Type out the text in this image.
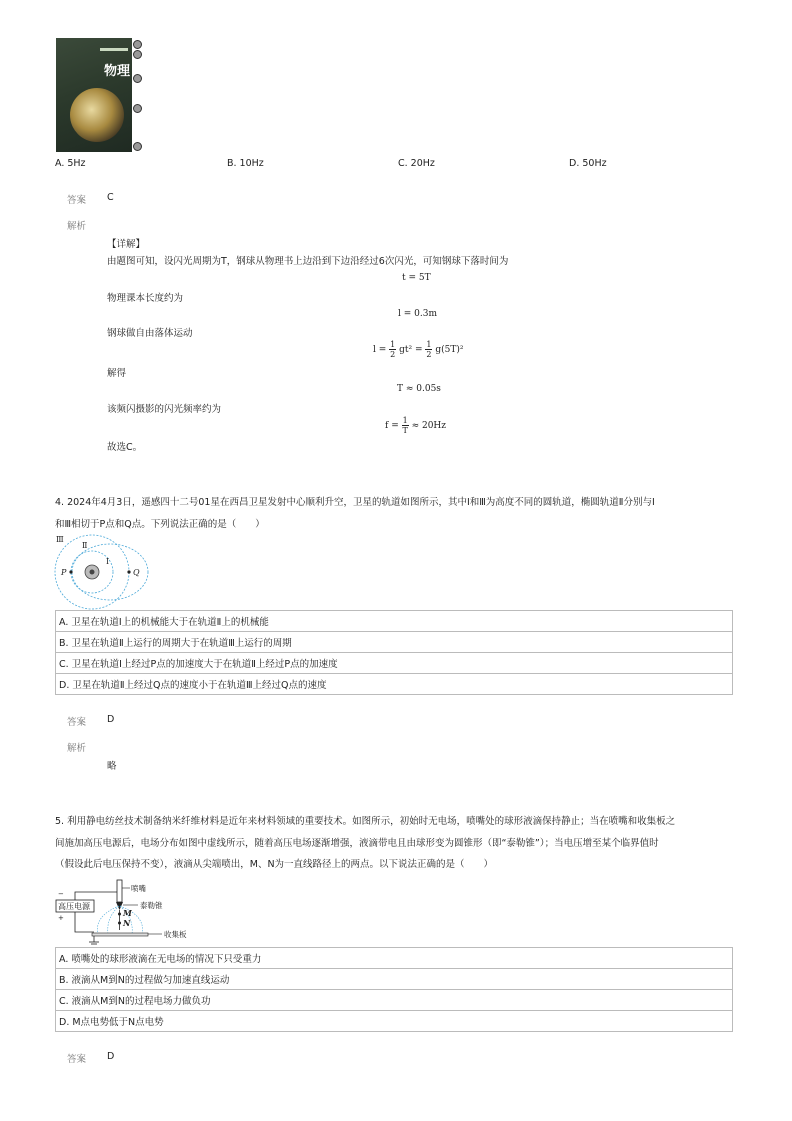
物理
A. 5Hz	B. 10Hz	C. 20Hz	D. 50Hz
答案 C
解析
【详解】
由题图可知，设闪光周期为T，钢球从物理书上边沿到下边沿经过6次闪光，可知钢球下落时间为
t = 5T
物理课本长度约为
l = 0.3m
钢球做自由落体运动
$l = \frac{1}{2} gt^2 = \frac{1}{2} g(5T)^2$
解得
T ≈ 0.05s
该频闪摄影的闪光频率约为
$f = \frac{1}{T} \approx 20Hz$
故选C。
4. 2024年4月3日，遥感四十二号01星在西昌卫星发射中心顺利升空，卫星的轨道如图所示，其中Ⅰ和Ⅲ为高度不同的圆轨道，椭圆轨道Ⅱ分别与Ⅰ
和Ⅲ相切于P点和Q点。下列说法正确的是（　　）
Ⅲ
Ⅱ
Ⅰ
P	Q
A. 卫星在轨道Ⅰ上的机械能大于在轨道Ⅱ上的机械能
B. 卫星在轨道Ⅱ上运行的周期大于在轨道Ⅲ上运行的周期
C. 卫星在轨道Ⅰ上经过P点的加速度大于在轨道Ⅱ上经过P点的加速度
D. 卫星在轨道Ⅱ上经过Q点的速度小于在轨道Ⅲ上经过Q点的速度
答案 D
解析
略
5. 利用静电纺丝技术制备纳米纤维材料是近年来材料领域的重要技术。如图所示，初始时无电场，喷嘴处的球形液滴保持静止；当在喷嘴和收集板之
间施加高压电源后，电场分布如图中虚线所示，随着高压电场逐渐增强，液滴带电且由球形变为圆锥形（即“泰勒锥”）；当电压增至某个临界值时
（假设此后电压保持不变），液滴从尖端喷出，M、N为一直线路径上的两点。以下说法正确的是（　　）
高压电源
−
+	M
N
喷嘴
泰勒锥
收集板
A. 喷嘴处的球形液滴在无电场的情况下只受重力
B. 液滴从M到N的过程做匀加速直线运动
C. 液滴从M到N的过程电场力做负功
D. M点电势低于N点电势
答案 D
